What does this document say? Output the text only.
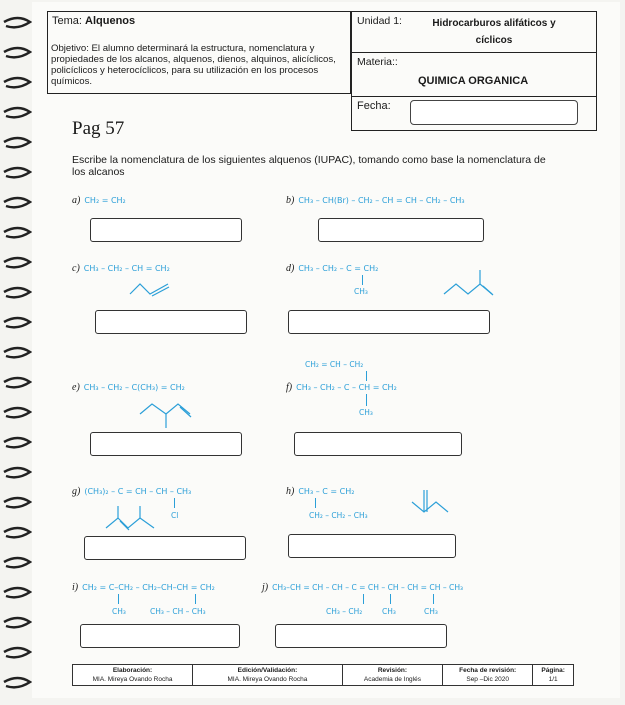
Tema: Alquenos
Objetivo: El alumno determinará la estructura, nomenclatura y propiedades de los alcanos, alquenos, dienos, alquinos, alicíclicos, policíclicos y heterocíclicos, para su utilización en los procesos químicos.
Unidad 1:	Hidrocarburos alifáticos y cíclicos
Materia::
QUIMICA ORGANICA
Fecha:
Pag 57
Escribe la nomenclatura de los siguientes alquenos (IUPAC), tomando como base la nomenclatura de los alcanos
a) CH₂ = CH₂	b) CH₃ – CH(Br) – CH₂ – CH = CH – CH₂ – CH₃
c) CH₃ – CH₂ – CH = CH₂	d) CH₃ – CH₂ – C = CH₂
CH₃
e) CH₃ – CH₂ – C(CH₃) = CH₂
CH₂ = CH – CH₂
f) CH₃ – CH₂ – C – CH = CH₂
CH₃
g) (CH₃)₂ – C = CH – CH – CH₃
Cl
h) CH₃ – C = CH₂
CH₂ – CH₂ – CH₃
i) CH₂ = C–CH₂ – CH₂–CH–CH = CH₂
CH₃	CH₃ – CH – CH₃
j) CH₃–CH = CH – CH – C = CH – CH – CH = CH – CH₃
CH₃ – CH₂	CH₃	CH₃
Elaboración:
MIA. Mireya Ovando Rocha
Edición/Validación:
MIA. Mireya Ovando Rocha
Revisión:
Academia de Inglés
Fecha de revisión:
Sep –Dic 2020
Página:
1/1
